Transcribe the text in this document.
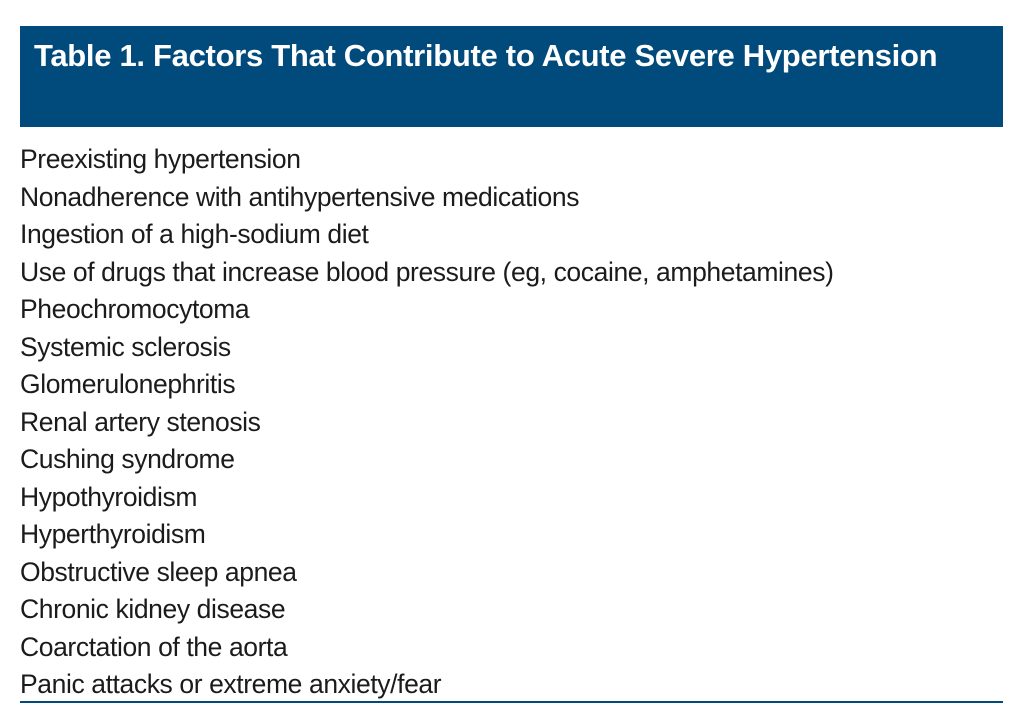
Table 1. Factors That Contribute to Acute Severe Hypertension
Preexisting hypertension
Nonadherence with antihypertensive medications
Ingestion of a high-sodium diet
Use of drugs that increase blood pressure (eg, cocaine, amphetamines)
Pheochromocytoma
Systemic sclerosis
Glomerulonephritis
Renal artery stenosis
Cushing syndrome
Hypothyroidism
Hyperthyroidism
Obstructive sleep apnea
Chronic kidney disease
Coarctation of the aorta
Panic attacks or extreme anxiety/fear
